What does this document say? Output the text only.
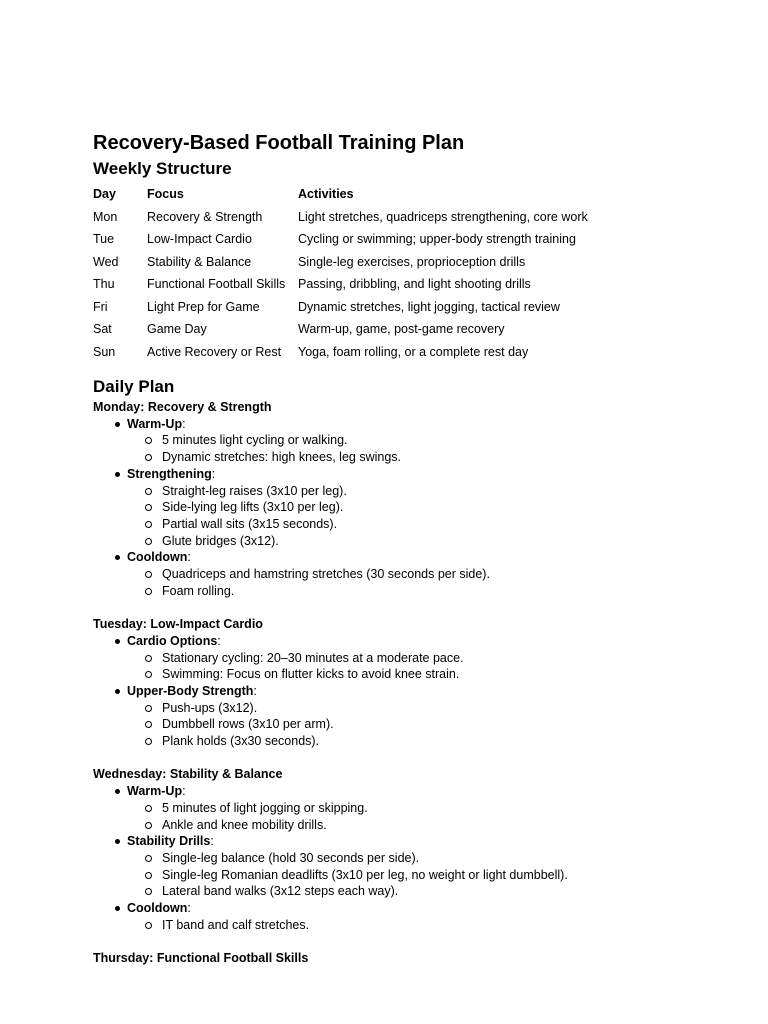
Recovery-Based Football Training Plan
Weekly Structure
Day	Focus	Activities
Mon	Recovery & Strength	Light stretches, quadriceps strengthening, core work
Tue	Low-Impact Cardio	Cycling or swimming; upper-body strength training
Wed	Stability & Balance	Single-leg exercises, proprioception drills
Thu	Functional Football Skills	Passing, dribbling, and light shooting drills
Fri	Light Prep for Game	Dynamic stretches, light jogging, tactical review
Sat	Game Day	Warm-up, game, post-game recovery
Sun	Active Recovery or Rest	Yoga, foam rolling, or a complete rest day
Daily Plan
Monday: Recovery & Strength
Warm-Up:
5 minutes light cycling or walking.
Dynamic stretches: high knees, leg swings.
Strengthening:
Straight-leg raises (3x10 per leg).
Side-lying leg lifts (3x10 per leg).
Partial wall sits (3x15 seconds).
Glute bridges (3x12).
Cooldown:
Quadriceps and hamstring stretches (30 seconds per side).
Foam rolling.
Tuesday: Low-Impact Cardio
Cardio Options:
Stationary cycling: 20–30 minutes at a moderate pace.
Swimming: Focus on flutter kicks to avoid knee strain.
Upper-Body Strength:
Push-ups (3x12).
Dumbbell rows (3x10 per arm).
Plank holds (3x30 seconds).
Wednesday: Stability & Balance
Warm-Up:
5 minutes of light jogging or skipping.
Ankle and knee mobility drills.
Stability Drills:
Single-leg balance (hold 30 seconds per side).
Single-leg Romanian deadlifts (3x10 per leg, no weight or light dumbbell).
Lateral band walks (3x12 steps each way).
Cooldown:
IT band and calf stretches.
Thursday: Functional Football Skills
